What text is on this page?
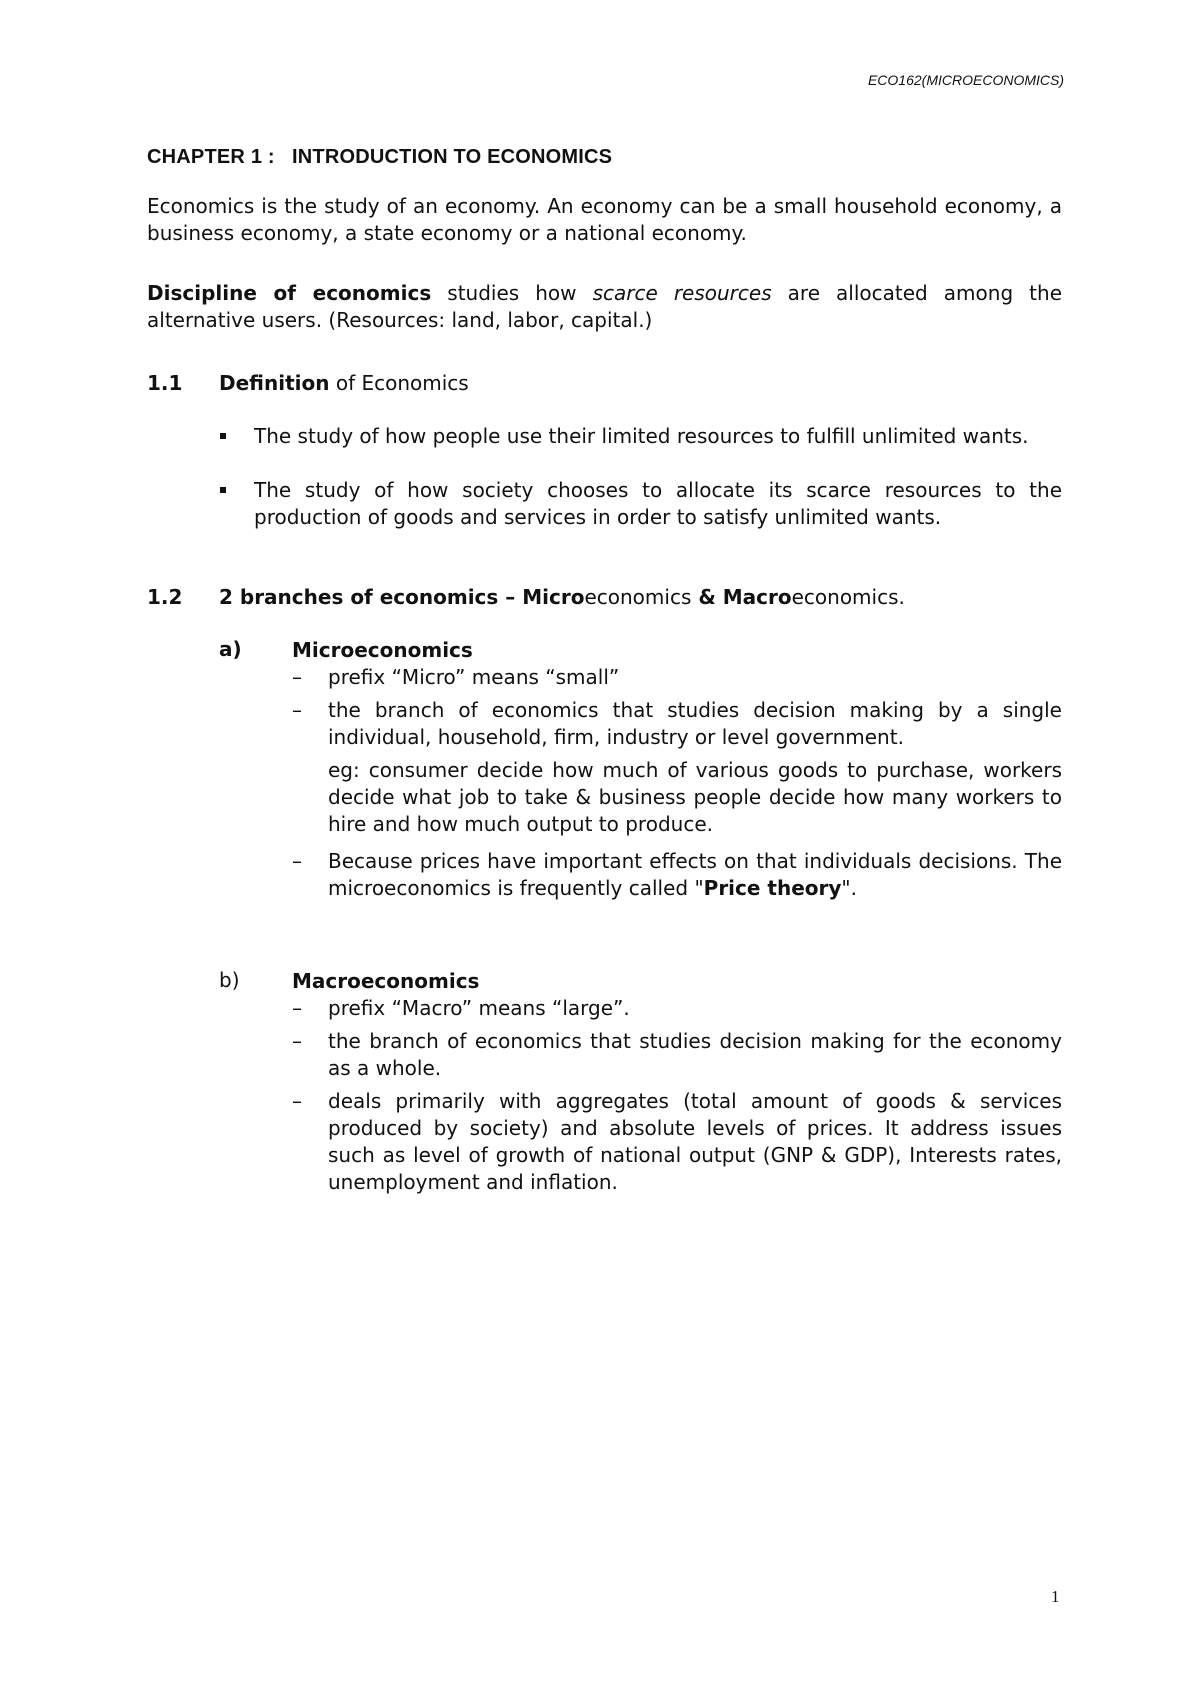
ECO162(MICROECONOMICS)

CHAPTER 1 :   INTRODUCTION TO ECONOMICS

Economics is the study of an economy. An economy can be a small household economy, a business economy, a state economy or a national economy.

Discipline of economics studies how scarce resources are allocated among the alternative users. (Resources: land, labor, capital.)

1.1	Definition of Economics
The study of how people use their limited resources to fulfill unlimited wants.
The study of how society chooses to allocate its scarce resources to the production of goods and services in order to satisfy unlimited wants.
1.2	2 branches of economics – Microeconomics & Macroeconomics.
a)	Microeconomics
–	prefix “Micro” means “small”
–	the branch of economics that studies decision making by a single individual, household, firm, industry or level government.

eg: consumer decide how much of various goods to purchase, workers decide what job to take & business people decide how many workers to hire and how much output to produce.

–	Because prices have important effects on that individuals decisions. The microeconomics is frequently called "Price theory".
b)	Macroeconomics
–	prefix “Macro” means “large”.
–	the branch of economics that studies decision making for the economy as a whole.
–	deals primarily with aggregates (total amount of goods & services produced by society) and absolute levels of prices. It address issues such as level of growth of national output (GNP & GDP), Interests rates, unemployment and inflation.
1
